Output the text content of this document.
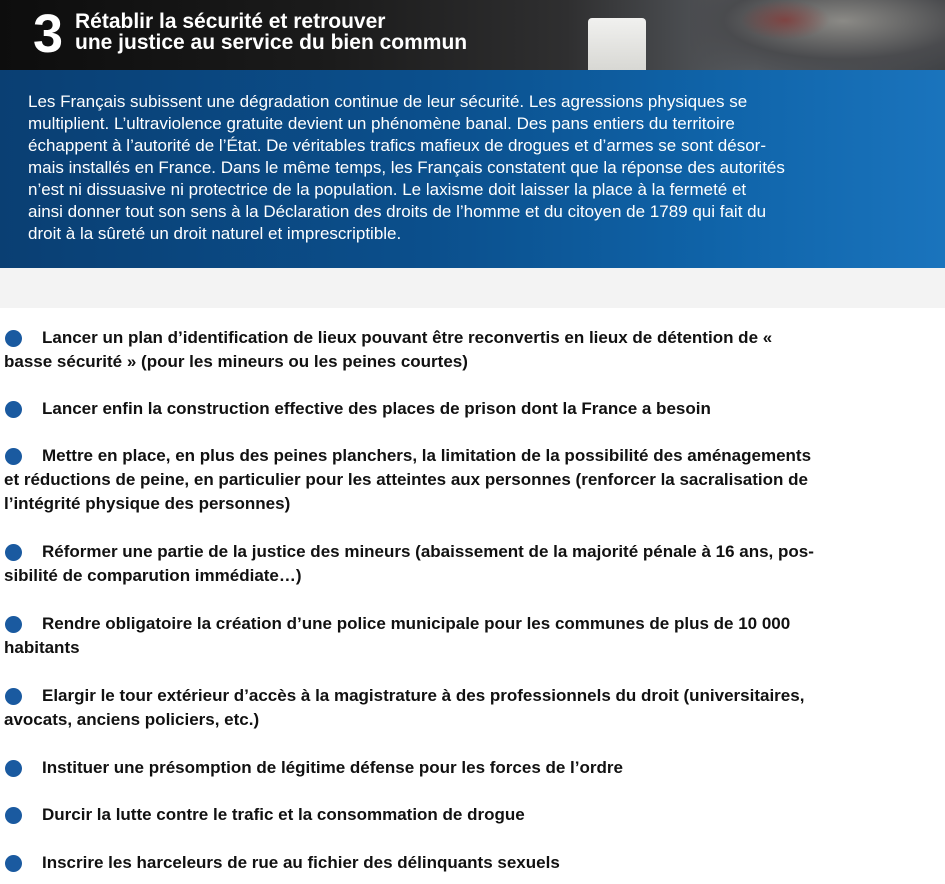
3 Rétablir la sécurité et retrouver
une justice au service du bien commun
Les Français subissent une dégradation continue de leur sécurité. Les agressions physiques se
multiplient. L’ultraviolence gratuite devient un phénomène banal. Des pans entiers du territoire
échappent à l’autorité de l’État. De véritables trafics mafieux de drogues et d’armes se sont désor-
mais installés en France. Dans le même temps, les Français constatent que la réponse des autorités
n’est ni dissuasive ni protectrice de la population. Le laxisme doit laisser la place à la fermeté et
ainsi donner tout son sens à la Déclaration des droits de l’homme et du citoyen de 1789 qui fait du
droit à la sûreté un droit naturel et imprescriptible.
Lancer un plan d’identification de lieux pouvant être reconvertis en lieux de détention de «
basse sécurité » (pour les mineurs ou les peines courtes)
Lancer enfin la construction effective des places de prison dont la France a besoin
Mettre en place, en plus des peines planchers, la limitation de la possibilité des aménagements
et réductions de peine, en particulier pour les atteintes aux personnes (renforcer la sacralisation de
l’intégrité physique des personnes)
Réformer une partie de la justice des mineurs (abaissement de la majorité pénale à 16 ans, pos-
sibilité de comparution immédiate…)
Rendre obligatoire la création d’une police municipale pour les communes de plus de 10 000
habitants
Elargir le tour extérieur d’accès à la magistrature à des professionnels du droit (universitaires,
avocats, anciens policiers, etc.)
Instituer une présomption de légitime défense pour les forces de l’ordre
Durcir la lutte contre le trafic et la consommation de drogue
Inscrire les harceleurs de rue au fichier des délinquants sexuels
